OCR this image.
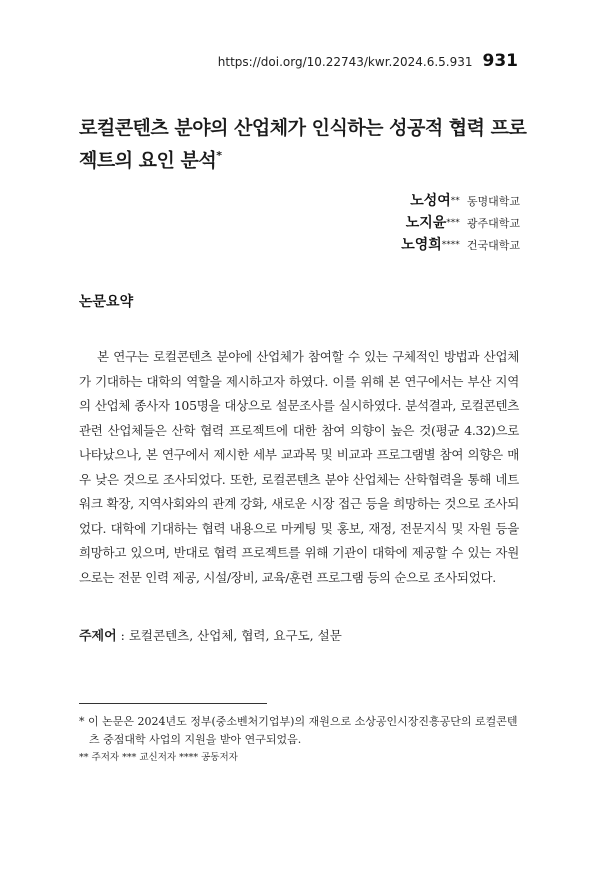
https://doi.org/10.22743/kwr.2024.6.5.931 931
로컬콘텐츠 분야의 산업체가 인식하는 성공적 협력 프로젝트의 요인 분석*
노성여** 동명대학교
노지윤*** 광주대학교
노영희**** 건국대학교
논문요약

본 연구는 로컬콘텐츠 분야에 산업체가 참여할 수 있는 구체적인 방법과 산업체가 기대하는 대학의 역할을 제시하고자 하였다. 이를 위해 본 연구에서는 부산 지역의 산업체 종사자 105명을 대상으로 설문조사를 실시하였다. 분석결과, 로컬콘텐츠 관련 산업체들은 산학 협력 프로젝트에 대한 참여 의향이 높은 것(평균 4.32)으로 나타났으나, 본 연구에서 제시한 세부 교과목 및 비교과 프로그램별 참여 의향은 매우 낮은 것으로 조사되었다. 또한, 로컬콘텐츠 분야 산업체는 산학협력을 통해 네트워크 확장, 지역사회와의 관계 강화, 새로운 시장 접근 등을 희망하는 것으로 조사되었다. 대학에 기대하는 협력 내용으로 마케팅 및 홍보, 재정, 전문지식 및 자원 등을 희망하고 있으며, 반대로 협력 프로젝트를 위해 기관이 대학에 제공할 수 있는 자원으로는 전문 인력 제공, 시설/장비, 교육/훈련 프로그램 등의 순으로 조사되었다.

주제어 : 로컬콘텐츠, 산업체, 협력, 요구도, 설문

* 이 논문은 2024년도 정부(중소벤처기업부)의 재원으로 소상공인시장진흥공단의 로컬콘텐츠 중점대학 사업의 지원을 받아 연구되었음.

** 주저자 *** 교신저자 **** 공동저자
